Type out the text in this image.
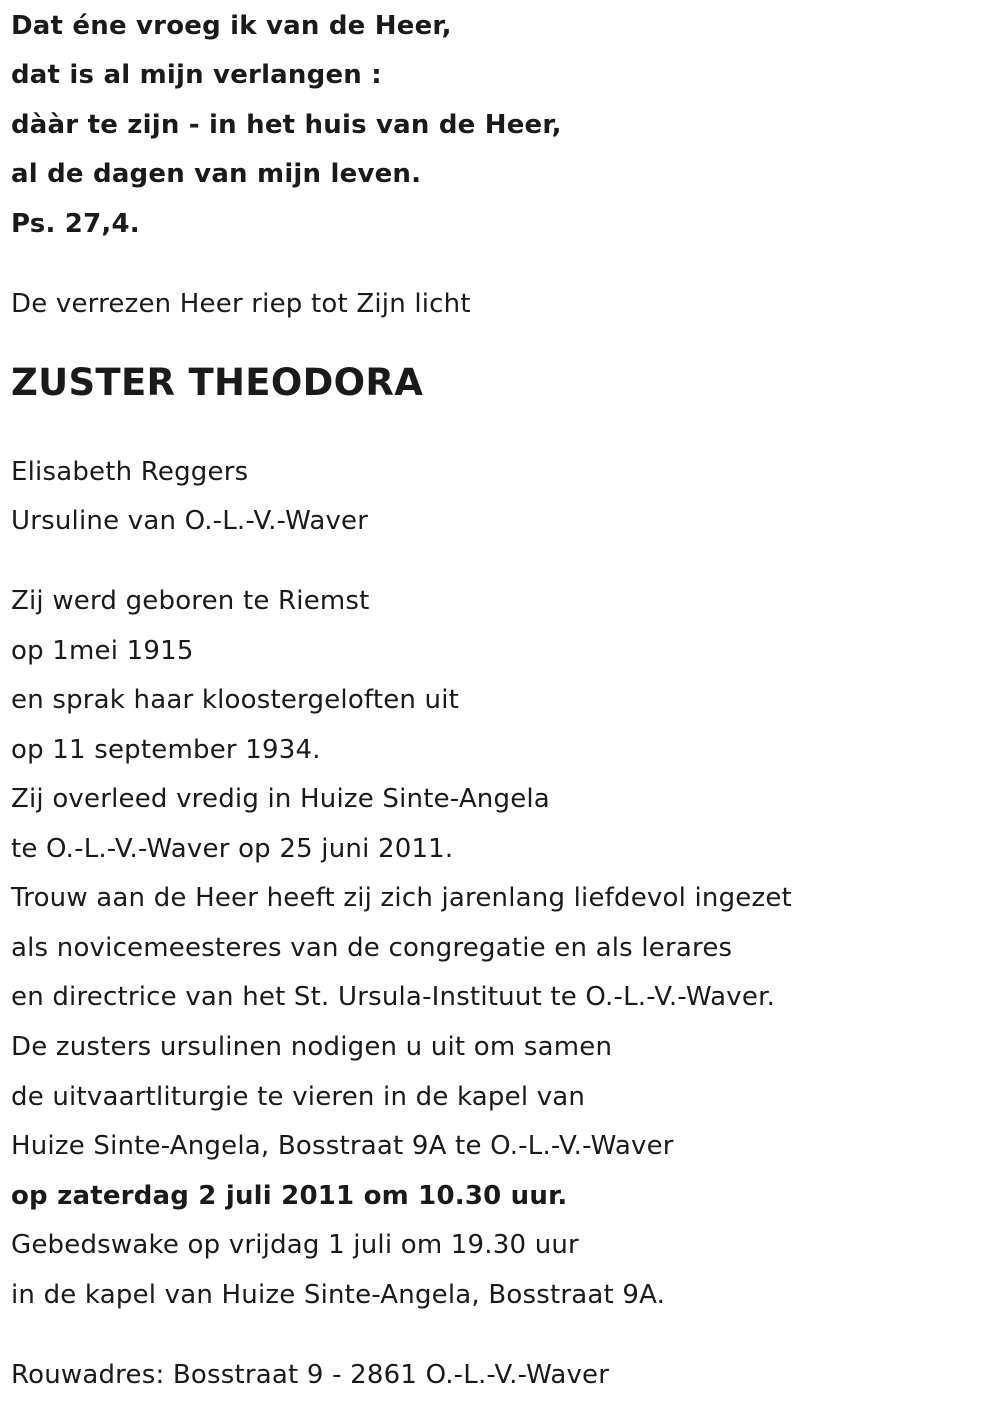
Dat éne vroeg ik van de Heer,
dat is al mijn verlangen :
dààr te zijn - in het huis van de Heer,
al de dagen van mijn leven.
Ps. 27,4.
De verrezen Heer riep tot Zijn licht
ZUSTER THEODORA
Elisabeth Reggers
Ursuline van O.-L.-V.-Waver
Zij werd geboren te Riemst
op 1mei 1915
en sprak haar kloostergeloften uit
op 11 september 1934.
Zij overleed vredig in Huize Sinte-Angela
te O.-L.-V.-Waver op 25 juni 2011.
Trouw aan de Heer heeft zij zich jarenlang liefdevol ingezet
als novicemeesteres van de congregatie en als lerares
en directrice van het St. Ursula-Instituut te O.-L.-V.-Waver.
De zusters ursulinen nodigen u uit om samen
de uitvaartliturgie te vieren in de kapel van
Huize Sinte-Angela, Bosstraat 9A te O.-L.-V.-Waver
op zaterdag 2 juli 2011 om 10.30 uur.
Gebedswake op vrijdag 1 juli om 19.30 uur
in de kapel van Huize Sinte-Angela, Bosstraat 9A.
Rouwadres: Bosstraat 9 - 2861 O.-L.-V.-Waver
